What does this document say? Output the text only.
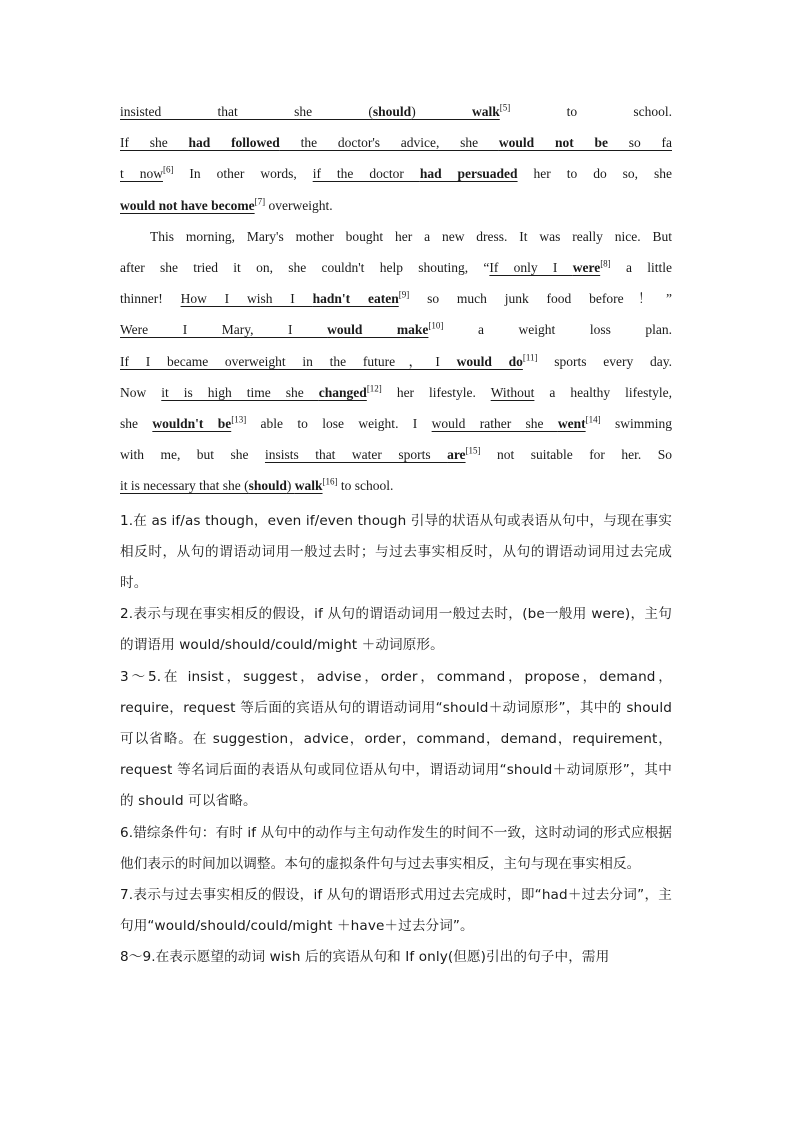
insisted that she (should) walk[5] to school.

If she had followed the doctor's advice, she would not be so fa

t now[6] In other words, if the doctor had persuaded her to do so, she

would not have become[7] overweight.

This morning, Mary's mother bought her a new dress. It was really nice. But

after she tried it on, she couldn't help shouting, “If only I were[8] a little

thinner! How I wish I hadn't eaten[9] so much junk food before！”

Were I Mary, I would make[10] a weight loss plan.

If I became overweight in the future，I would do[11] sports every day.

Now it is high time she changed[12] her lifestyle. Without a healthy lifestyle,

she wouldn't be[13] able to lose weight. I would rather she went[14] swimming

with me, but she insists that water sports are[15] not suitable for her. So

it is necessary that she (should) walk[16] to school.

1.在 as if/as though，even if/even though 引导的状语从句或表语从句中，与现在事实相反时，从句的谓语动词用一般过去时；与过去事实相反时，从句的谓语动词用过去完成时。

2.表示与现在事实相反的假设，if 从句的谓语动词用一般过去时，(be一般用 were)，主句的谓语用 would/should/could/might ＋动词原形。

3～5.在 insist，suggest，advise，order，command，propose，demand，require，request 等后面的宾语从句的谓语动词用“should＋动词原形”，其中的 should 可以省略。在 suggestion，advice，order，command，demand，requirement，request 等名词后面的表语从句或同位语从句中，谓语动词用“should＋动词原形”，其中的 should 可以省略。

6.错综条件句：有时 if 从句中的动作与主句动作发生的时间不一致，这时动词的形式应根据他们表示的时间加以调整。本句的虚拟条件句与过去事实相反，主句与现在事实相反。

7.表示与过去事实相反的假设，if 从句的谓语形式用过去完成时，即“had＋过去分词”，主句用“would/should/could/might ＋have＋过去分词”。

8～9.在表示愿望的动词 wish 后的宾语从句和 If only(但愿)引出的句子中，需用
